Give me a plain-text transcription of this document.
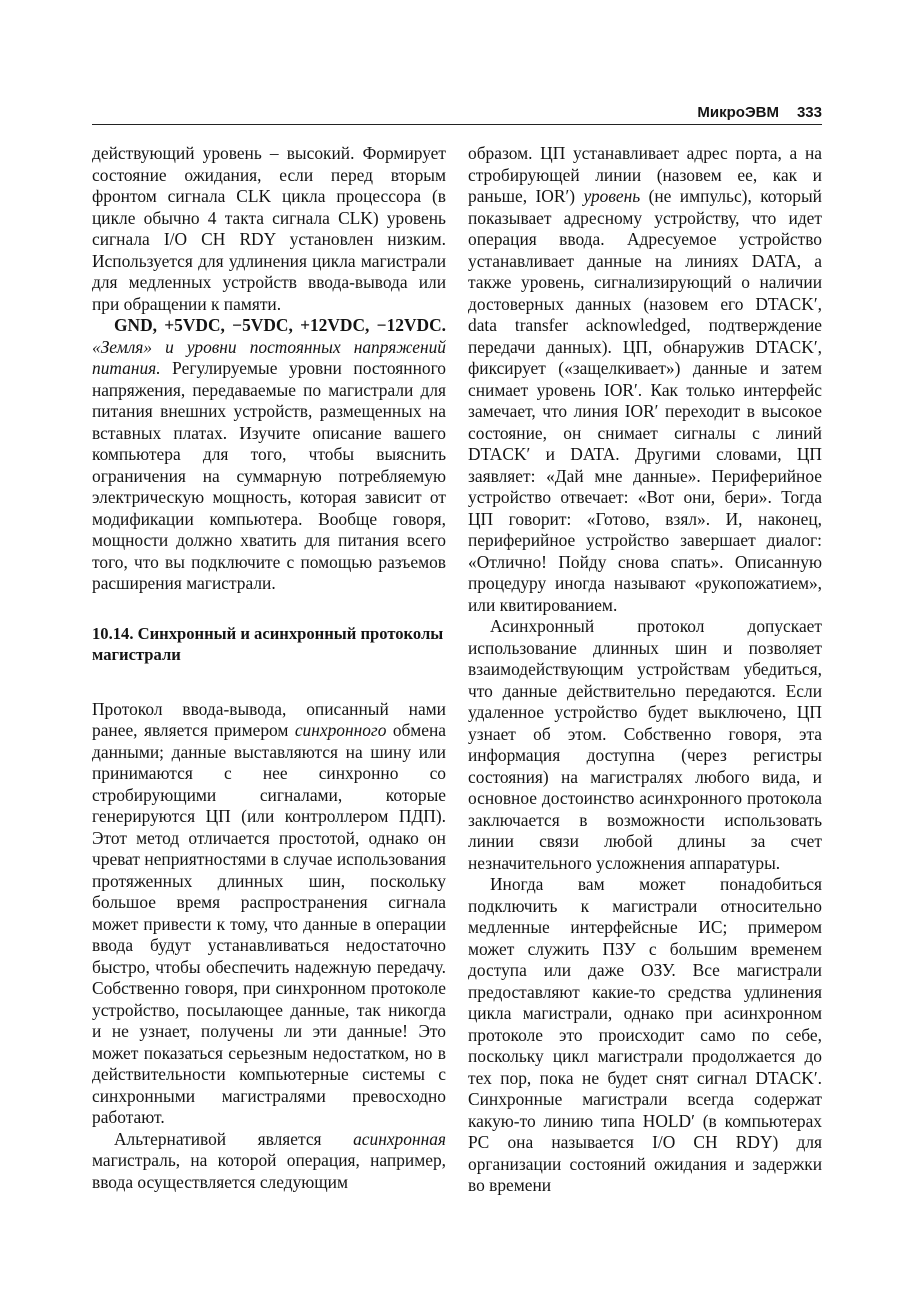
МикроЭВМ 333

действующий уровень – высокий. Формирует состояние ожидания, если перед вторым фронтом сигнала CLK цикла процессора (в цикле обычно 4 такта сигнала CLK) уровень сигнала I/O CH RDY установлен низким. Используется для удлинения цикла магистрали для медленных устройств ввода-вывода или при обращении к памяти.

GND, +5VDC, −5VDC, +12VDC, −12VDC. «Земля» и уровни постоянных напряжений питания. Регулируемые уровни постоянного напряжения, передаваемые по магистрали для питания внешних устройств, размещенных на вставных платах. Изучите описание вашего компьютера для того, чтобы выяснить ограничения на суммарную потребляемую электрическую мощность, которая зависит от модификации компьютера. Вообще говоря, мощности должно хватить для питания всего того, что вы подключите с помощью разъемов расширения магистрали.

10.14. Синхронный и асинхронный протоколы магистрали

Протокол ввода-вывода, описанный нами ранее, является примером синхронного обмена данными; данные выставляются на шину или принимаются с нее синхронно со стробирующими сигналами, которые генерируются ЦП (или контроллером ПДП). Этот метод отличается простотой, однако он чреват неприятностями в случае использования протяженных длинных шин, поскольку большое время распространения сигнала может привести к тому, что данные в операции ввода будут устанавливаться недостаточно быстро, чтобы обеспечить надежную передачу. Собственно говоря, при синхронном протоколе устройство, посылающее данные, так никогда и не узнает, получены ли эти данные! Это может показаться серьезным недостатком, но в действительности компьютерные системы с синхронными магистралями превосходно работают.

Альтернативой является асинхронная магистраль, на которой операция, например, ввода осуществляется следующим

образом. ЦП устанавливает адрес порта, а на стробирующей линии (назовем ее, как и раньше, IOR′) уровень (не импульс), который показывает адресному устройству, что идет операция ввода. Адресуемое устройство устанавливает данные на линиях DATA, а также уровень, сигнализирующий о наличии достоверных данных (назовем его DTACK′, data transfer acknowledged, подтверждение передачи данных). ЦП, обнаружив DTACK′, фиксирует («защелкивает») данные и затем снимает уровень IOR′. Как только интерфейс замечает, что линия IOR′ переходит в высокое состояние, он снимает сигналы с линий DTACK′ и DATA. Другими словами, ЦП заявляет: «Дай мне данные». Периферийное устройство отвечает: «Вот они, бери». Тогда ЦП говорит: «Готово, взял». И, наконец, периферийное устройство завершает диалог: «Отлично! Пойду снова спать». Описанную процедуру иногда называют «рукопожатием», или квитированием.

Асинхронный протокол допускает использование длинных шин и позволяет взаимодействующим устройствам убедиться, что данные действительно передаются. Если удаленное устройство будет выключено, ЦП узнает об этом. Собственно говоря, эта информация доступна (через регистры состояния) на магистралях любого вида, и основное достоинство асинхронного протокола заключается в возможности использовать линии связи любой длины за счет незначительного усложнения аппаратуры.

Иногда вам может понадобиться подключить к магистрали относительно медленные интерфейсные ИС; примером может служить ПЗУ с большим временем доступа или даже ОЗУ. Все магистрали предоставляют какие-то средства удлинения цикла магистрали, однако при асинхронном протоколе это происходит само по себе, поскольку цикл магистрали продолжается до тех пор, пока не будет снят сигнал DTACK′. Синхронные магистрали всегда содержат какую-то линию типа HOLD′ (в компьютерах PC она называется I/O CH RDY) для организации состояний ожидания и задержки во времени
